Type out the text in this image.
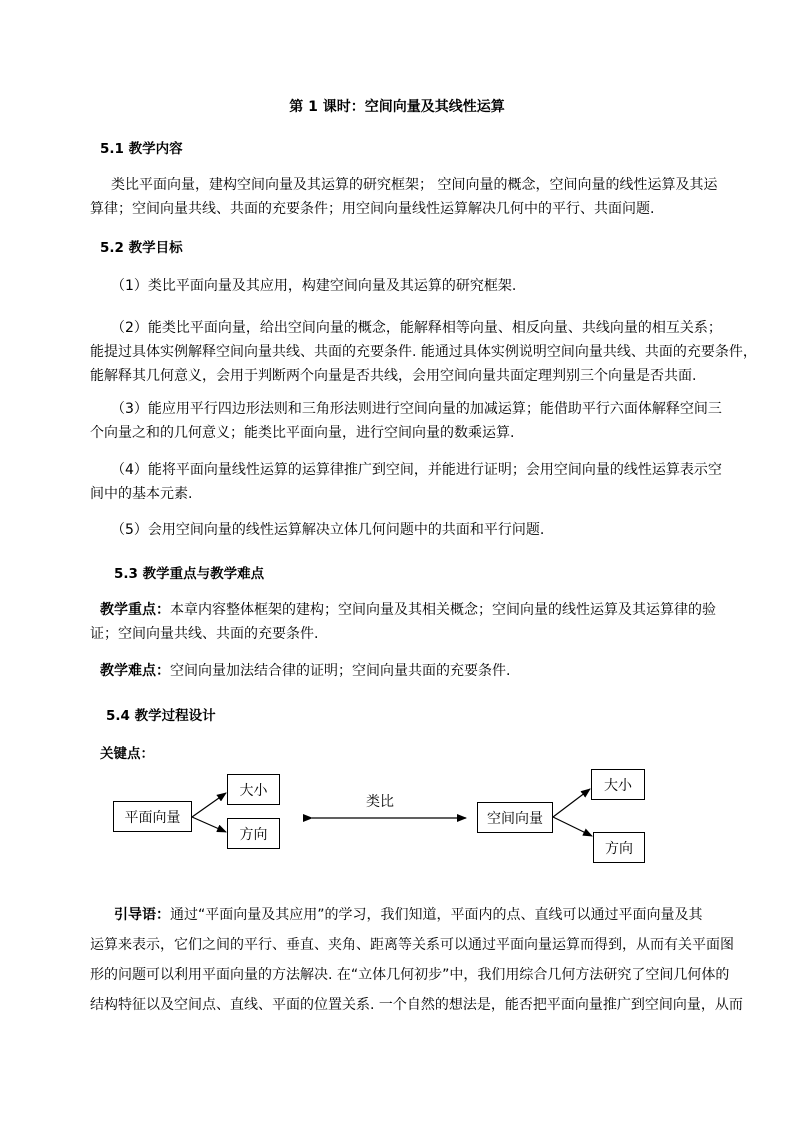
第 1 课时：空间向量及其线性运算
5.1 教学内容
类比平面向量，建构空间向量及其运算的研究框架； 空间向量的概念，空间向量的线性运算及其运
算律；空间向量共线、共面的充要条件；用空间向量线性运算解决几何中的平行、共面问题.
5.2 教学目标
（1）类比平面向量及其应用，构建空间向量及其运算的研究框架.
（2）能类比平面向量，给出空间向量的概念，能解释相等向量、相反向量、共线向量的相互关系；
能提过具体实例解释空间向量共线、共面的充要条件. 能通过具体实例说明空间向量共线、共面的充要条件，
能解释其几何意义，会用于判断两个向量是否共线，会用空间向量共面定理判别三个向量是否共面.
（3）能应用平行四边形法则和三角形法则进行空间向量的加减运算；能借助平行六面体解释空间三
个向量之和的几何意义；能类比平面向量，进行空间向量的数乘运算.
（4）能将平面向量线性运算的运算律推广到空间，并能进行证明；会用空间向量的线性运算表示空
间中的基本元素.
（5）会用空间向量的线性运算解决立体几何问题中的共面和平行问题.
5.3 教学重点与教学难点
教学重点：本章内容整体框架的建构；空间向量及其相关概念；空间向量的线性运算及其运算律的验
证；空间向量共线、共面的充要条件.
教学难点：空间向量加法结合律的证明；空间向量共面的充要条件.
5.4 教学过程设计
关键点：
平面向量
大小
方向
类比
空间向量
大小
方向
引导语：通过“平面向量及其应用”的学习，我们知道，平面内的点、直线可以通过平面向量及其
运算来表示，它们之间的平行、垂直、夹角、距离等关系可以通过平面向量运算而得到，从而有关平面图
形的问题可以利用平面向量的方法解决. 在“立体几何初步”中，我们用综合几何方法研究了空间几何体的
结构特征以及空间点、直线、平面的位置关系. 一个自然的想法是，能否把平面向量推广到空间向量，从而
